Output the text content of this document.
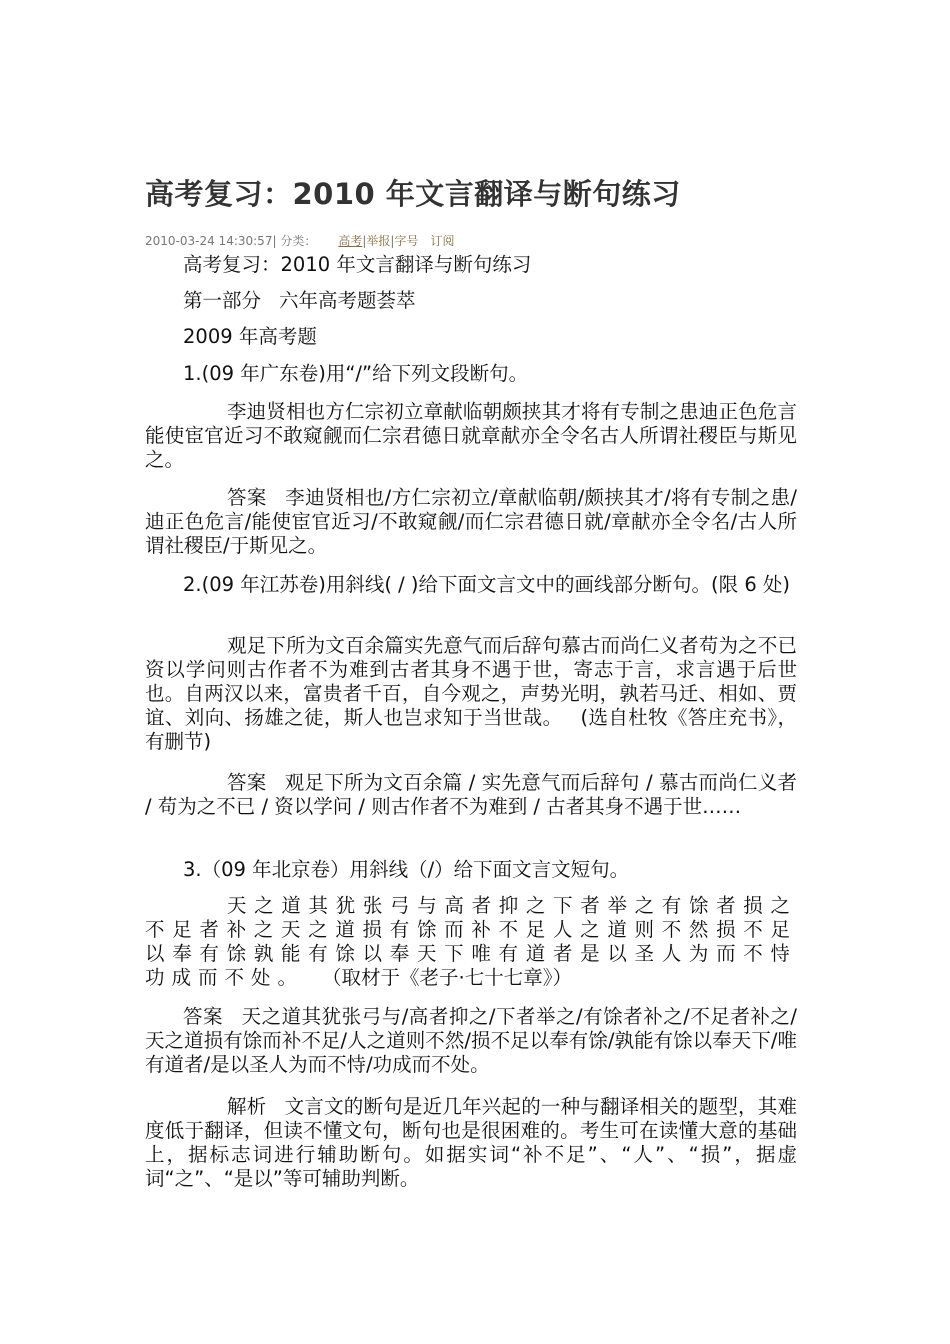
高考复习：2010 年文言翻译与断句练习
2010-03-24 14:30:57| 分类： 高考|举报|字号 订阅
高考复习：2010 年文言翻译与断句练习
第一部分 六年高考题荟萃
2009 年高考题
1.(09 年广东卷)用“/”给下列文段断句。
李迪贤相也方仁宗初立章献临朝颇挟其才将有专制之患迪正色危言能使宦官近习不敢窥觎而仁宗君德日就章献亦全令名古人所谓社稷臣与斯见之。
答案 李迪贤相也/方仁宗初立/章献临朝/颇挟其才/将有专制之患/迪正色危言/能使宦官近习/不敢窥觎/而仁宗君德日就/章献亦全令名/古人所谓社稷臣/于斯见之。
2.(09 年江苏卷)用斜线( / )给下面文言文中的画线部分断句。(限 6 处)
观足下所为文百余篇实先意气而后辞句慕古而尚仁义者苟为之不已资以学问则古作者不为难到古者其身不遇于世，寄志于言，求言遇于后世也。自两汉以来，富贵者千百，自今观之，声势光明，孰若马迁、相如、贾谊、刘向、扬雄之徒，斯人也岂求知于当世哉。 (选自杜牧《答庄充书》，有删节)
答案 观足下所为文百余篇 / 实先意气而后辞句 / 慕古而尚仁义者 / 苟为之不已 / 资以学问 / 则古作者不为难到 / 古者其身不遇于世……
3.（09 年北京卷）用斜线（/）给下面文言文短句。
天之道其犹张弓与高者抑之下者举之有馀者损之不足者补之天之道损有馀而补不足人之道则不然损不足以奉有馀孰能有馀以奉天下唯有道者是以圣人为而不恃功成而不处。 （取材于《老子·七十七章》）
答案 天之道其犹张弓与/高者抑之/下者举之/有馀者补之/不足者补之/天之道损有馀而补不足/人之道则不然/损不足以奉有馀/孰能有馀以奉天下/唯有道者/是以圣人为而不恃/功成而不处。
解析 文言文的断句是近几年兴起的一种与翻译相关的题型，其难度低于翻译，但读不懂文句，断句也是很困难的。考生可在读懂大意的基础上，据标志词进行辅助断句。如据实词“补不足”、“人”、“损”，据虚词“之”、“是以”等可辅助判断。
